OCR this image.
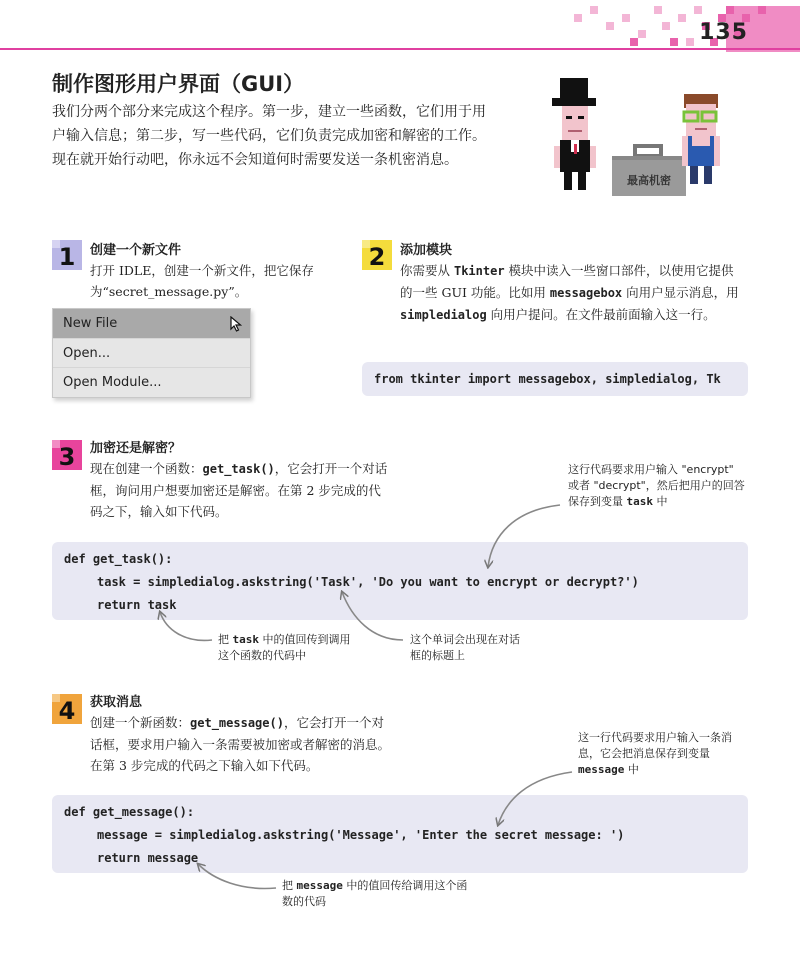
135
制作图形用户界面（GUI）
我们分两个部分来完成这个程序。第一步，建立一些函数，它们用于用户输入信息；第二步，写一些代码，它们负责完成加密和解密的工作。现在就开始行动吧，你永远不会知道何时需要发送一条机密消息。
最高机密
1 创建一个新文件
打开 IDLE，创建一个新文件，把它保存为“secret_message.py”。
New File
Open...
Open Module...
2 添加模块
你需要从 Tkinter 模块中读入一些窗口部件，以使用它提供的一些 GUI 功能。比如用 messagebox 向用户显示消息，用 simpledialog 向用户提问。在文件最前面输入这一行。
from tkinter import messagebox, simpledialog, Tk
3 加密还是解密？
现在创建一个函数：get_task()，它会打开一个对话框，询问用户想要加密还是解密。在第 2 步完成的代码之下，输入如下代码。
这行代码要求用户输入 "encrypt" 或者 "decrypt"，然后把用户的回答保存到变量 task 中
def get_task():
task = simpledialog.askstring('Task', 'Do you want to encrypt or decrypt?')
return task
把 task 中的值回传到调用这个函数的代码中
这个单词会出现在对话框的标题上
4 获取消息
创建一个新函数：get_message()，它会打开一个对话框，要求用户输入一条需要被加密或者解密的消息。在第 3 步完成的代码之下输入如下代码。
这一行代码要求用户输入一条消息，它会把消息保存到变量 message 中
def get_message():
message = simpledialog.askstring('Message', 'Enter the secret message: ')
return message
把 message 中的值回传给调用这个函数的代码
